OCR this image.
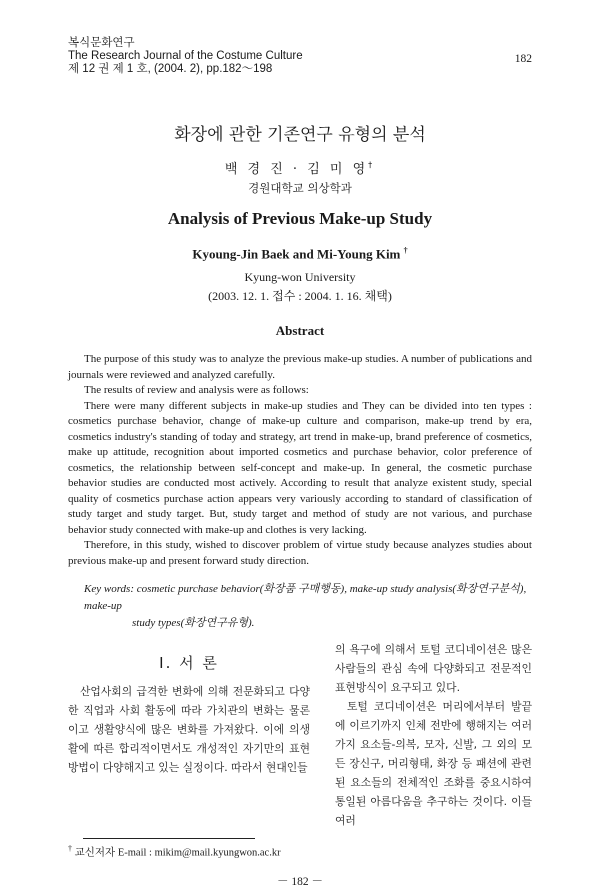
복식문화연구
The Research Journal of the Costume Culture
제 12 권 제 1 호, (2004. 2), pp.182～198
182
화장에 관한 기존연구 유형의 분석
백 경 진 · 김 미 영†
경원대학교 의상학과
Analysis of Previous Make-up Study
Kyoung-Jin Baek and Mi-Young Kim †
Kyung-won University
(2003. 12. 1. 접수 : 2004. 1. 16. 채택)
Abstract

The purpose of this study was to analyze the previous make-up studies. A number of publications and journals were reviewed and analyzed carefully.

The results of review and analysis were as follows:

There were many different subjects in make-up studies and They can be divided into ten types : cosmetics purchase behavior, change of make-up culture and comparison, make-up trend by era, cosmetics industry's standing of today and strategy, art trend in make-up, brand preference of cosmetics, make up attitude, recognition about imported cosmetics and purchase behavior, color preference of cosmetics, the relationship between self-concept and make-up. In general, the cosmetic purchase behavior studies are conducted most actively. According to result that analyze existent study, special quality of cosmetics purchase action appears very variously according to standard of classification of study target and study target. But, study target and method of study are not various, and purchase behavior study connected with make-up and clothes is very lacking.

Therefore, in this study, wished to discover problem of virtue study because analyzes studies about previous make-up and present forward study direction.

Key words: cosmetic purchase behavior(화장품 구매행동), make-up study analysis(화장연구분석), make-up
study types(화장연구유형).
Ⅰ. 서 론

산업사회의 급격한 변화에 의해 전문화되고 다양한 직업과 사회 활동에 따라 가치관의 변화는 물론이고 생활양식에 많은 변화를 가져왔다. 이에 의생활에 따른 합리적이면서도 개성적인 자기만의 표현방법이 다양해지고 있는 실정이다. 따라서 현대인들

의 욕구에 의해서 토털 코디네이션은 많은 사람들의 관심 속에 다양화되고 전문적인 표현방식이 요구되고 있다.

토털 코디네이션은 머리에서부터 발끝에 이르기까지 인체 전반에 행해지는 여러 가지 요소들-의복, 모자, 신발, 그 외의 모든 장신구, 머리형태, 화장 등 패션에 관련된 요소들의 전체적인 조화를 중요시하여 통일된 아름다움을 추구하는 것이다. 이들 여러

† 교신저자 E-mail : mikim@mail.kyungwon.ac.kr
－ 182 －
